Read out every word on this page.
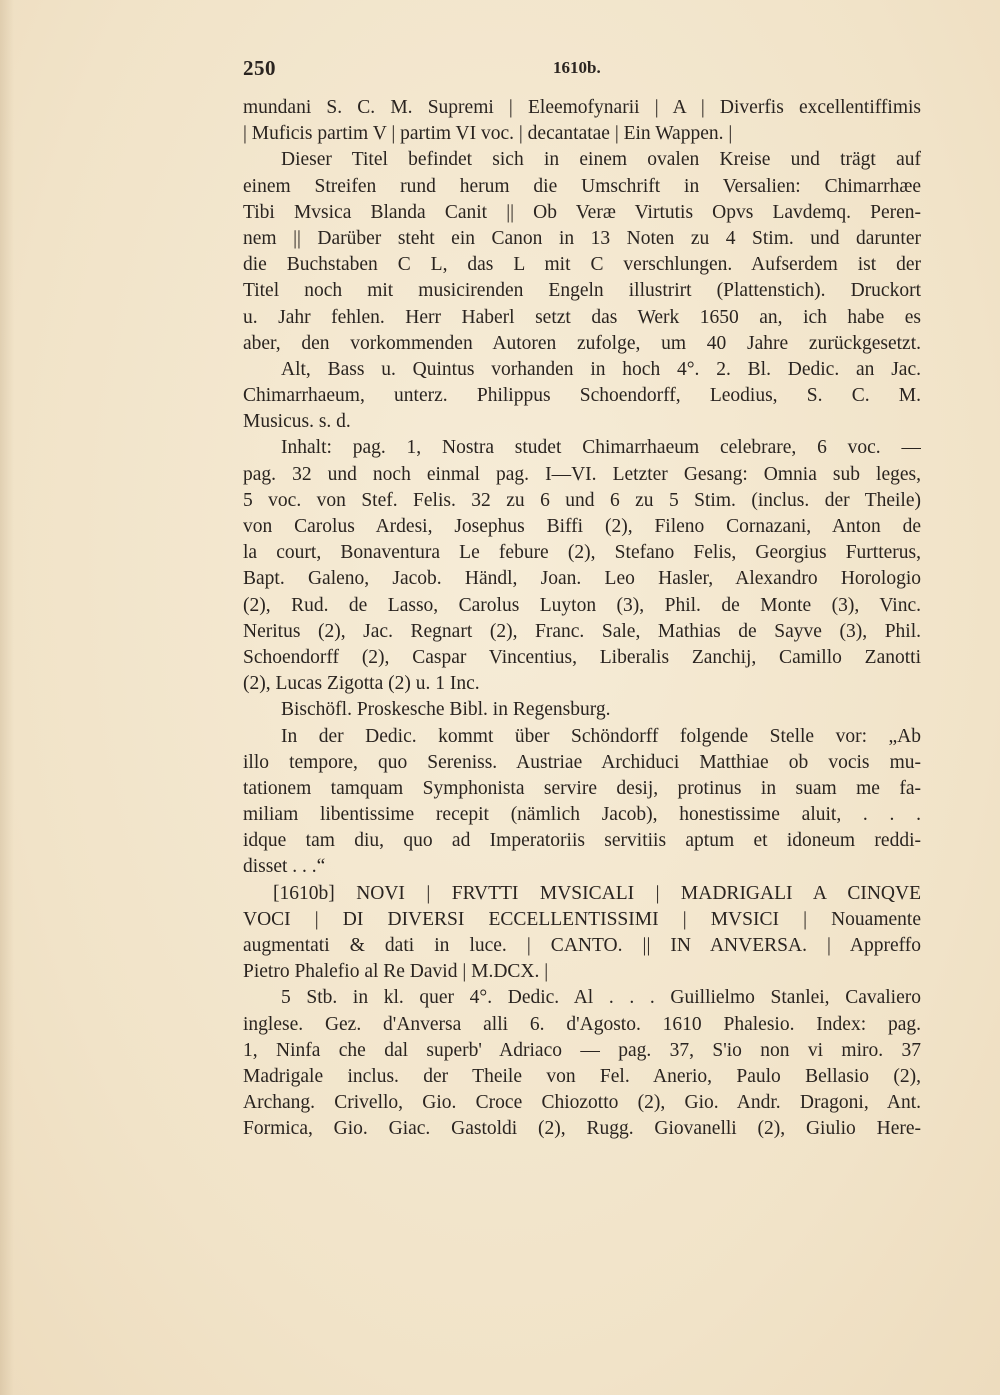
250	1610b.
mundani S. C. M. Supremi | Eleemofynarii | A | Diverfis excellentiffimis
| Muficis partim V | partim VI voc. | decantatae | Ein Wappen. |
Dieser Titel befindet sich in einem ovalen Kreise und trägt auf
einem Streifen rund herum die Umschrift in Versalien: Chimarrhæe
Tibi Mvsica Blanda Canit || Ob Veræ Virtutis Opvs Lavdemq. Peren-
nem || Darüber steht ein Canon in 13 Noten zu 4 Stim. und darunter
die Buchstaben C L, das L mit C verschlungen. Aufserdem ist der
Titel noch mit musicirenden Engeln illustrirt (Plattenstich). Druckort
u. Jahr fehlen. Herr Haberl setzt das Werk 1650 an, ich habe es
aber, den vorkommenden Autoren zufolge, um 40 Jahre zurückgesetzt.
Alt, Bass u. Quintus vorhanden in hoch 4°. 2. Bl. Dedic. an Jac.
Chimarrhaeum, unterz. Philippus Schoendorff, Leodius, S. C. M.
Musicus. s. d.
Inhalt: pag. 1, Nostra studet Chimarrhaeum celebrare, 6 voc. —
pag. 32 und noch einmal pag. I—VI. Letzter Gesang: Omnia sub leges,
5 voc. von Stef. Felis. 32 zu 6 und 6 zu 5 Stim. (inclus. der Theile)
von Carolus Ardesi, Josephus Biffi (2), Fileno Cornazani, Anton de
la court, Bonaventura Le febure (2), Stefano Felis, Georgius Furtterus,
Bapt. Galeno, Jacob. Händl, Joan. Leo Hasler, Alexandro Horologio
(2), Rud. de Lasso, Carolus Luyton (3), Phil. de Monte (3), Vinc.
Neritus (2), Jac. Regnart (2), Franc. Sale, Mathias de Sayve (3), Phil.
Schoendorff (2), Caspar Vincentius, Liberalis Zanchij, Camillo Zanotti
(2), Lucas Zigotta (2) u. 1 Inc.
Bischöfl. Proskesche Bibl. in Regensburg.
In der Dedic. kommt über Schöndorff folgende Stelle vor: „Ab
illo tempore, quo Sereniss. Austriae Archiduci Matthiae ob vocis mu-
tationem tamquam Symphonista servire desij, protinus in suam me fa-
miliam libentissime recepit (nämlich Jacob), honestissime aluit, . . .
idque tam diu, quo ad Imperatoriis servitiis aptum et idoneum reddi-
disset . . .“
[1610b] NOVI | FRVTTI MVSICALI | MADRIGALI A CINQVE
VOCI | DI DIVERSI ECCELLENTISSIMI | MVSICI | Nouamente
augmentati & dati in luce. | CANTO. || IN ANVERSA. | Appreffo
Pietro Phalefio al Re David | M.DCX. |
5 Stb. in kl. quer 4°. Dedic. Al . . . Guillielmo Stanlei, Cavaliero
inglese. Gez. d'Anversa alli 6. d'Agosto. 1610 Phalesio. Index: pag.
1, Ninfa che dal superb' Adriaco — pag. 37, S'io non vi miro. 37
Madrigale inclus. der Theile von Fel. Anerio, Paulo Bellasio (2),
Archang. Crivello, Gio. Croce Chiozotto (2), Gio. Andr. Dragoni, Ant.
Formica, Gio. Giac. Gastoldi (2), Rugg. Giovanelli (2), Giulio Here-
